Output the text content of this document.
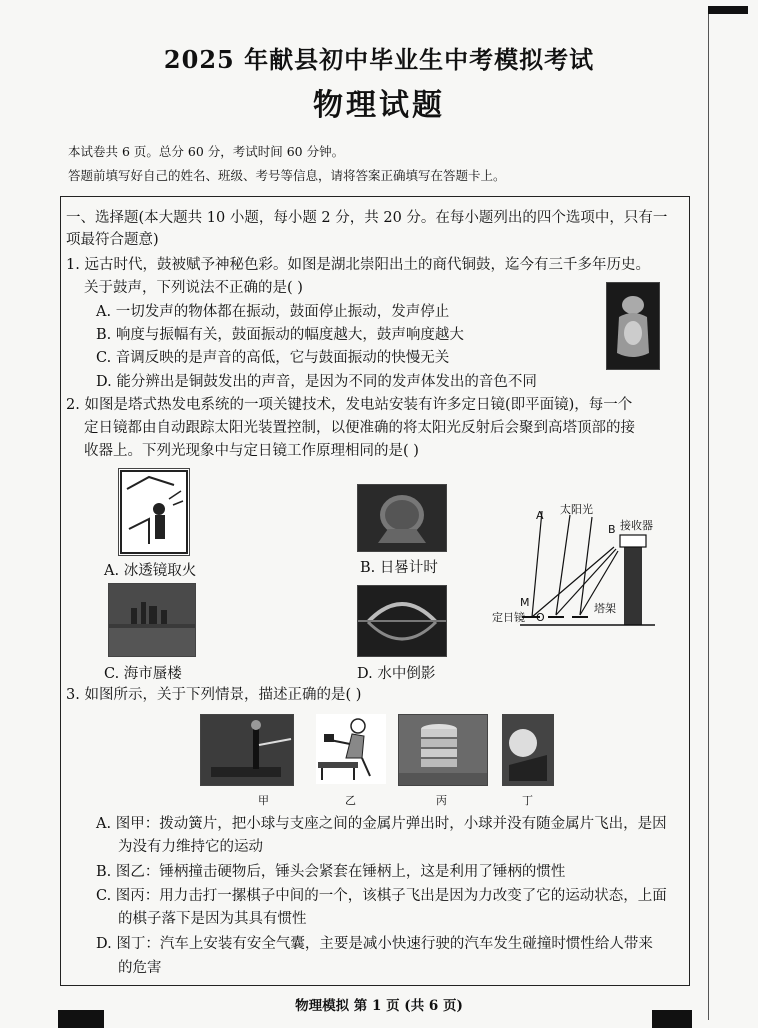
2025 年献县初中毕业生中考模拟考试
物理试题
本试卷共 6 页。总分 60 分，考试时间 60 分钟。
答题前填写好自己的姓名、班级、考号等信息，请将答案正确填写在答题卡上。
一、选择题(本大题共 10 小题，每小题 2 分，共 20 分。在每小题列出的四个选项中，只有一
项最符合题意)
1. 远古时代，鼓被赋予神秘色彩。如图是湖北崇阳出土的商代铜鼓，迄今有三千多年历史。
关于鼓声，下列说法不正确的是( )
A. 一切发声的物体都在振动，鼓面停止振动，发声停止
B. 响度与振幅有关，鼓面振动的幅度越大，鼓声响度越大
C. 音调反映的是声音的高低，它与鼓面振动的快慢无关
D. 能分辨出是铜鼓发出的声音，是因为不同的发声体发出的音色不同
2. 如图是塔式热发电系统的一项关键技术，发电站安装有许多定日镜(即平面镜)，每一个
定日镜都由自动跟踪太阳光装置控制，以便准确的将太阳光反射后会聚到高塔顶部的接
收器上。下列光现象中与定日镜工作原理相同的是( )
A. 冰透镜取火	B. 日晷计时
C. 海市蜃楼	D. 水中倒影
A 太阳光
B 接收器
M
定日镜 O
塔架
3. 如图所示，关于下列情景，描述正确的是( )
甲	乙	丙	丁
A. 图甲：拨动簧片，把小球与支座之间的金属片弹出时，小球并没有随金属片飞出，是因
为没有力维持它的运动
B. 图乙：锤柄撞击硬物后，锤头会紧套在锤柄上，这是利用了锤柄的惯性
C. 图丙：用力击打一摞棋子中间的一个，该棋子飞出是因为力改变了它的运动状态，上面
的棋子落下是因为其具有惯性
D. 图丁：汽车上安装有安全气囊，主要是减小快速行驶的汽车发生碰撞时惯性给人带来
的危害
物理模拟 第 1 页 (共 6 页)
